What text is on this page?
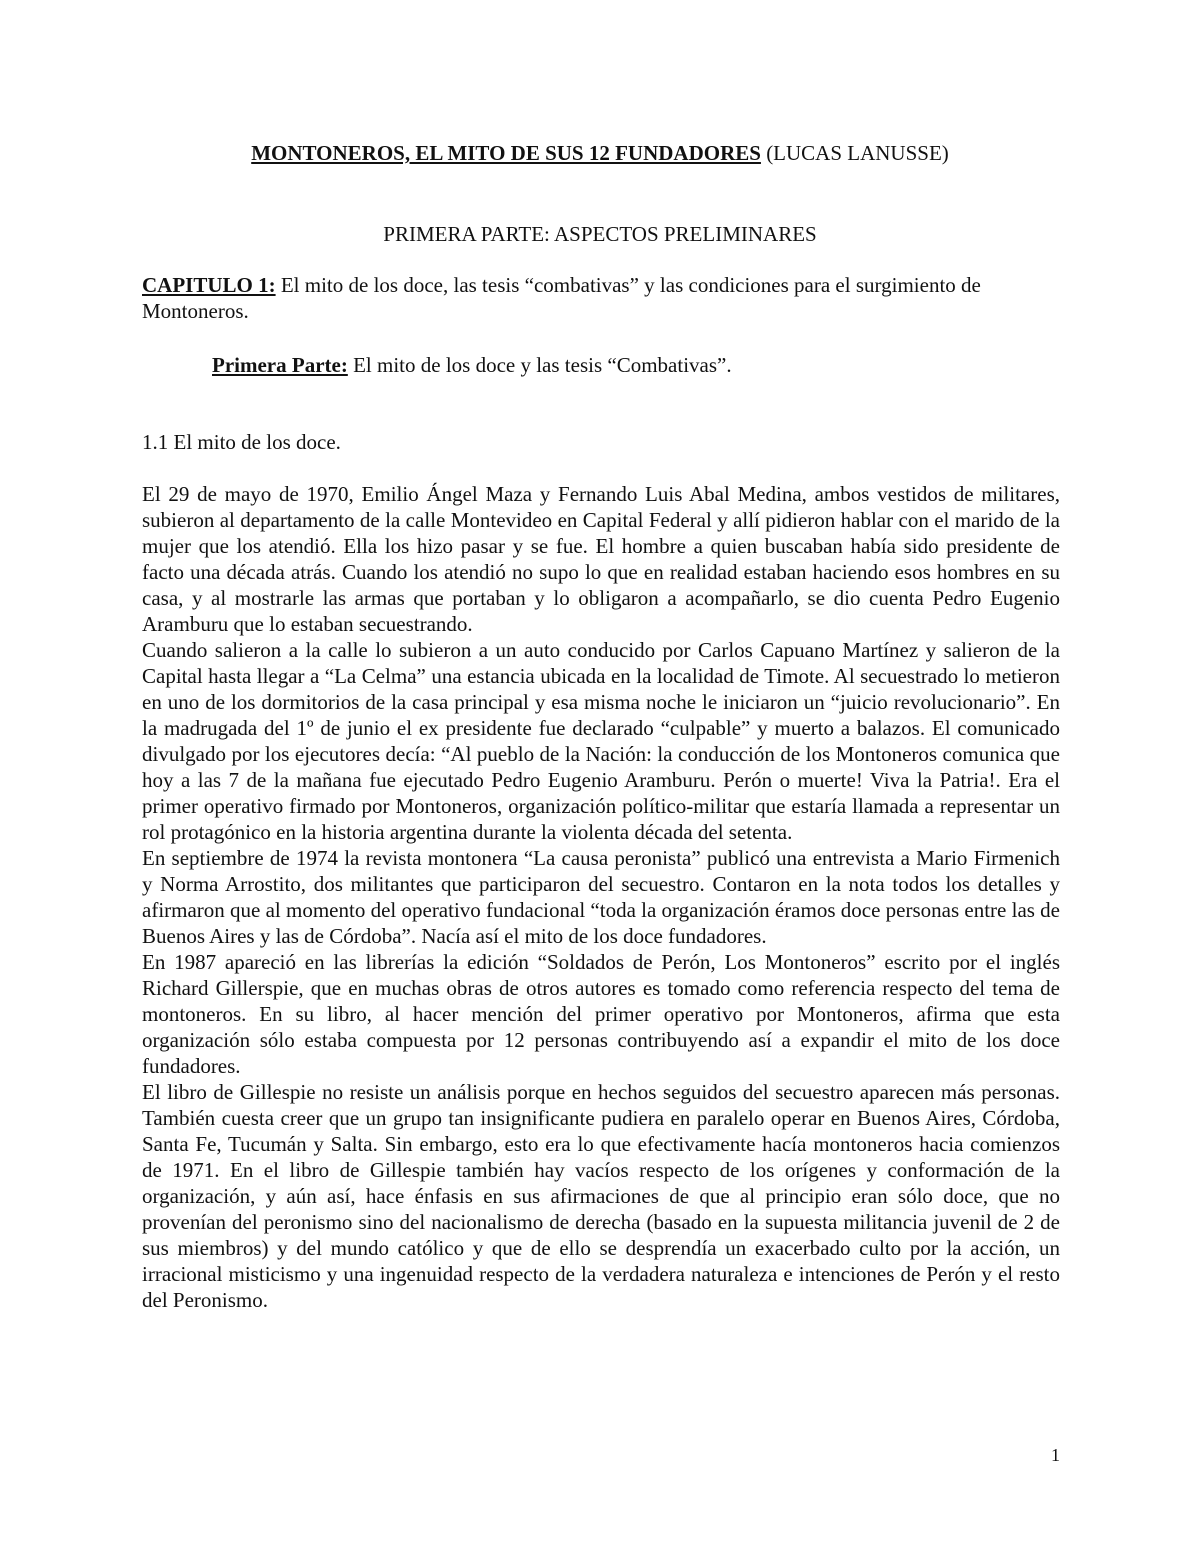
MONTONEROS, EL MITO DE SUS 12 FUNDADORES (LUCAS LANUSSE)
PRIMERA PARTE: ASPECTOS PRELIMINARES
CAPITULO 1: El mito de los doce, las tesis “combativas” y las condiciones para el surgimiento de Montoneros.
Primera Parte: El mito de los doce y las tesis “Combativas”.
1.1 El mito de los doce.

El 29 de mayo de 1970, Emilio Ángel Maza y Fernando Luis Abal Medina, ambos vestidos de militares, subieron al departamento de la calle Montevideo en Capital Federal y allí pidieron hablar con el marido de la mujer que los atendió. Ella los hizo pasar y se fue. El hombre a quien buscaban había sido presidente de facto una década atrás. Cuando los atendió no supo lo que en realidad estaban haciendo esos hombres en su casa, y al mostrarle las armas que portaban y lo obligaron a acompañarlo, se dio cuenta Pedro Eugenio Aramburu que lo estaban secuestrando.

Cuando salieron a la calle lo subieron a un auto conducido por Carlos Capuano Martínez y salieron de la Capital hasta llegar a “La Celma” una estancia ubicada en la localidad de Timote. Al secuestrado lo metieron en uno de los dormitorios de la casa principal y esa misma noche le iniciaron un “juicio revolucionario”. En la madrugada del 1º de junio el ex presidente fue declarado “culpable” y muerto a balazos. El comunicado divulgado por los ejecutores decía: “Al pueblo de la Nación: la conducción de los Montoneros comunica que hoy a las 7 de la mañana fue ejecutado Pedro Eugenio Aramburu. Perón o muerte! Viva la Patria!. Era el primer operativo firmado por Montoneros, organización político-militar que estaría llamada a representar un rol protagónico en la historia argentina durante la violenta década del setenta.

En septiembre de 1974 la revista montonera “La causa peronista” publicó una entrevista a Mario Firmenich y Norma Arrostito, dos militantes que participaron del secuestro. Contaron en la nota todos los detalles y afirmaron que al momento del operativo fundacional “toda la organización éramos doce personas entre las de Buenos Aires y las de Córdoba”. Nacía así el mito de los doce fundadores.

En 1987 apareció en las librerías la edición “Soldados de Perón, Los Montoneros” escrito por el inglés Richard Gillerspie, que en muchas obras de otros autores es tomado como referencia respecto del tema de montoneros. En su libro, al hacer mención del primer operativo por Montoneros, afirma que esta organización sólo estaba compuesta por 12 personas contribuyendo así a expandir el mito de los doce fundadores.

El libro de Gillespie no resiste un análisis porque en hechos seguidos del secuestro aparecen más personas. También cuesta creer que un grupo tan insignificante pudiera en paralelo operar en Buenos Aires, Córdoba, Santa Fe, Tucumán y Salta. Sin embargo, esto era lo que efectivamente hacía montoneros hacia comienzos de 1971. En el libro de Gillespie también hay vacíos respecto de los orígenes y conformación de la organización, y aún así, hace énfasis en sus afirmaciones de que al principio eran sólo doce, que no provenían del peronismo sino del nacionalismo de derecha (basado en la supuesta militancia juvenil de 2 de sus miembros) y del mundo católico y que de ello se desprendía un exacerbado culto por la acción, un irracional misticismo y una ingenuidad respecto de la verdadera naturaleza e intenciones de Perón y el resto del Peronismo.

1
